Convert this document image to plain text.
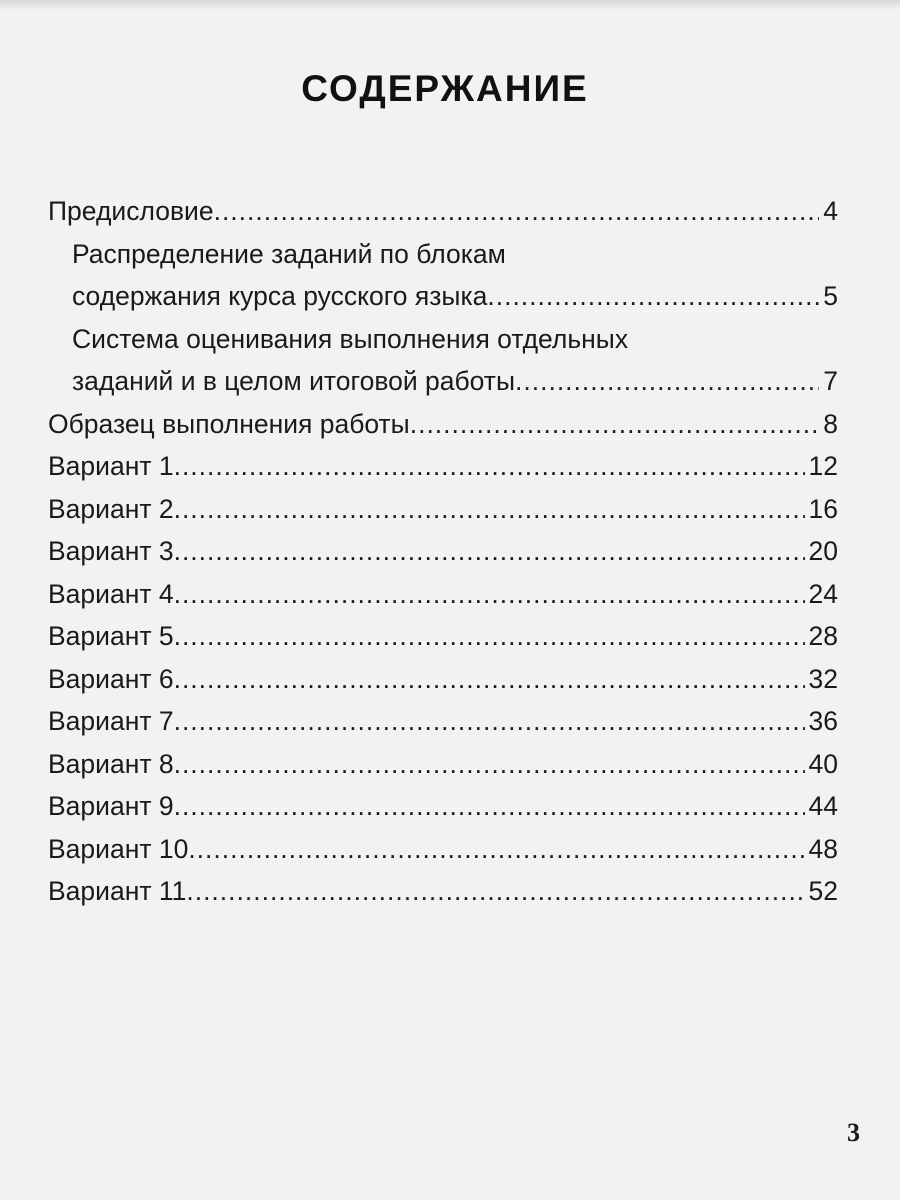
СОДЕРЖАНИЕ
Предисловие .....	4
Распределение заданий по блокам
содержания курса русского языка .....	5
Система оценивания выполнения отдельных
заданий и в целом итоговой работы .....	7
Образец выполнения работы .....	8
Вариант 1 .....	12
Вариант 2 .....	16
Вариант 3 .....	20
Вариант 4 .....	24
Вариант 5 .....	28
Вариант 6 .....	32
Вариант 7 .....	36
Вариант 8 .....	40
Вариант 9 .....	44
Вариант 10 .....	48
Вариант 11 .....	52
3
